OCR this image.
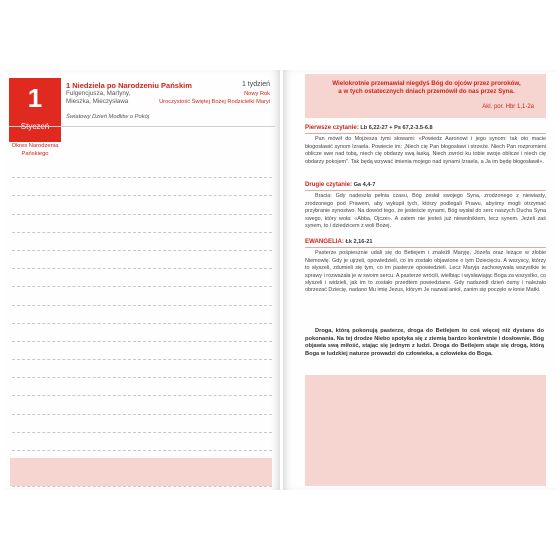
1	1 Niedziela po Narodzeniu Pańskim	1 tydzień
Fulgencjusza, Martyny, Mieszka, Mieczysława
Nowy Rok
Uroczystość Świętej Bożej Rodzicielki Maryi
Światowy Dzień Modlitw o Pokój
Okres Narodzenia Pańskiego
Wielokrotnie przemawiał niegdyś Bóg do ojców przez proroków,
a w tych ostatecznych dniach przemówił do nas przez Syna.
Akl. por. Hbr 1,1-2a
Pierwsze czytanie: Lb 6,22-27 + Ps 67,2-3.5-6.8

Pan mówił do Mojżesza tymi słowami: «Powiedz Aaronowi i jego synom: tak oto macie błogosławić synom Izraela. Powiecie im: „Niech cię Pan błogosławi i strzeże. Niech Pan rozpromieni oblicze swe nad tobą, niech cię obdarzy swą łaską. Niech zwróci ku tobie swoje oblicze i niech cię obdarzy pokojem". Tak będą wzywać imienia mojego nad synami Izraela, a Ja im będę błogosławił».

Drugie czytanie: Ga 4,4-7

Bracia: Gdy nadeszła pełnia czasu, Bóg zesłał swojego Syna, zrodzonego z niewiasty, zrodzonego pod Prawem, aby wykupił tych, którzy podlegali Prawu, abyśmy mogli otrzymać przybranie synostwo. Na dowód tego, że jesteście synami, Bóg wysłał do serc naszych Ducha Syna swego, który woła: «Abba, Ojcze». A zatem nie jesteś już niewolnikiem, lecz synem. Jeżeli zaś synem, to i dziedzicem z woli Bożej.

EWANGELIA: Łk 2,16-21

Pasterze pośpiesznie udali się do Betlejem i znaleźli Maryję, Józefa oraz leżące w żłobie Niemowlę. Gdy je ujrzeli, opowiedzieli, co im zostało objawione o tym Dziecięciu. A wszyscy, którzy to słyszeli, zdumieli się tym, co im pasterze opowiedzieli. Lecz Maryja zachowywała wszystkie te sprawy i rozważała je w swoim sercu. A pasterze wrócili, wielbiąc i wysławiając Boga za wszystko, co słyszeli i widzieli, jak im to zostało przedtem powiedziane. Gdy nadszedł dzień ósmy i należało obrzezać Dziecię, nadano Mu imię Jezus, którym Je nazwał anioł, zanim się poczęło w łonie Matki.

Droga, którą pokonują pasterze, droga do Betlejem to coś więcej niż dystans do pokonania. Na tej drodze Niebo spotyka się z ziemią bardzo konkretnie i dosłownie. Bóg objawia swą miłość, stając się jednym z ludzi. Droga do Betlejem staje się drogą, którą Boga w ludzkiej naturze prowadzi do człowieka, a człowieka do Boga.
